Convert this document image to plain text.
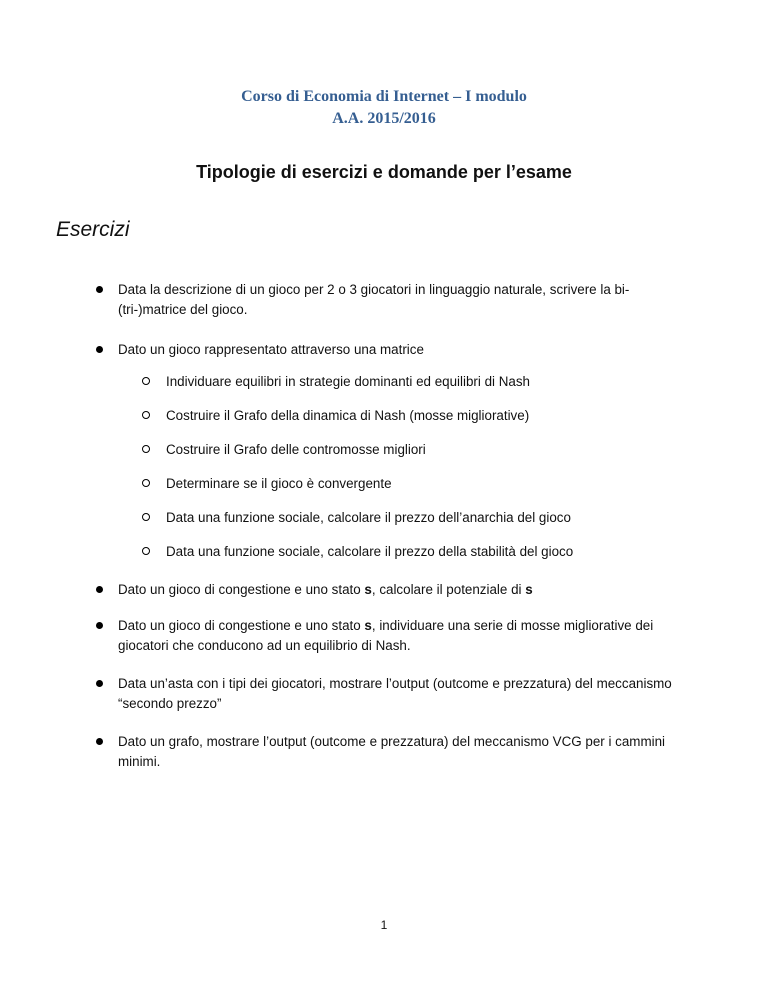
Corso di Economia di Internet – I modulo
A.A. 2015/2016
Tipologie di esercizi e domande per l’esame
Esercizi
Data la descrizione di un gioco per 2 o 3 giocatori in linguaggio naturale, scrivere la bi-(tri-)matrice del gioco.
Dato un gioco rappresentato attraverso una matrice
Individuare equilibri in strategie dominanti ed equilibri di Nash
Costruire il Grafo della dinamica di Nash (mosse migliorative)
Costruire il Grafo delle contromosse migliori
Determinare se il gioco è convergente
Data una funzione sociale, calcolare il prezzo dell’anarchia del gioco
Data una funzione sociale, calcolare il prezzo della stabilità del gioco
Dato un gioco di congestione e uno stato s, calcolare il potenziale di s
Dato un gioco di congestione e uno stato s, individuare una serie di mosse migliorative dei giocatori che conducono ad un equilibrio di Nash.
Data un’asta con i tipi dei giocatori, mostrare l’output (outcome e prezzatura) del meccanismo “secondo prezzo”
Dato un grafo, mostrare l’output (outcome e prezzatura) del meccanismo VCG per i cammini minimi.
1
